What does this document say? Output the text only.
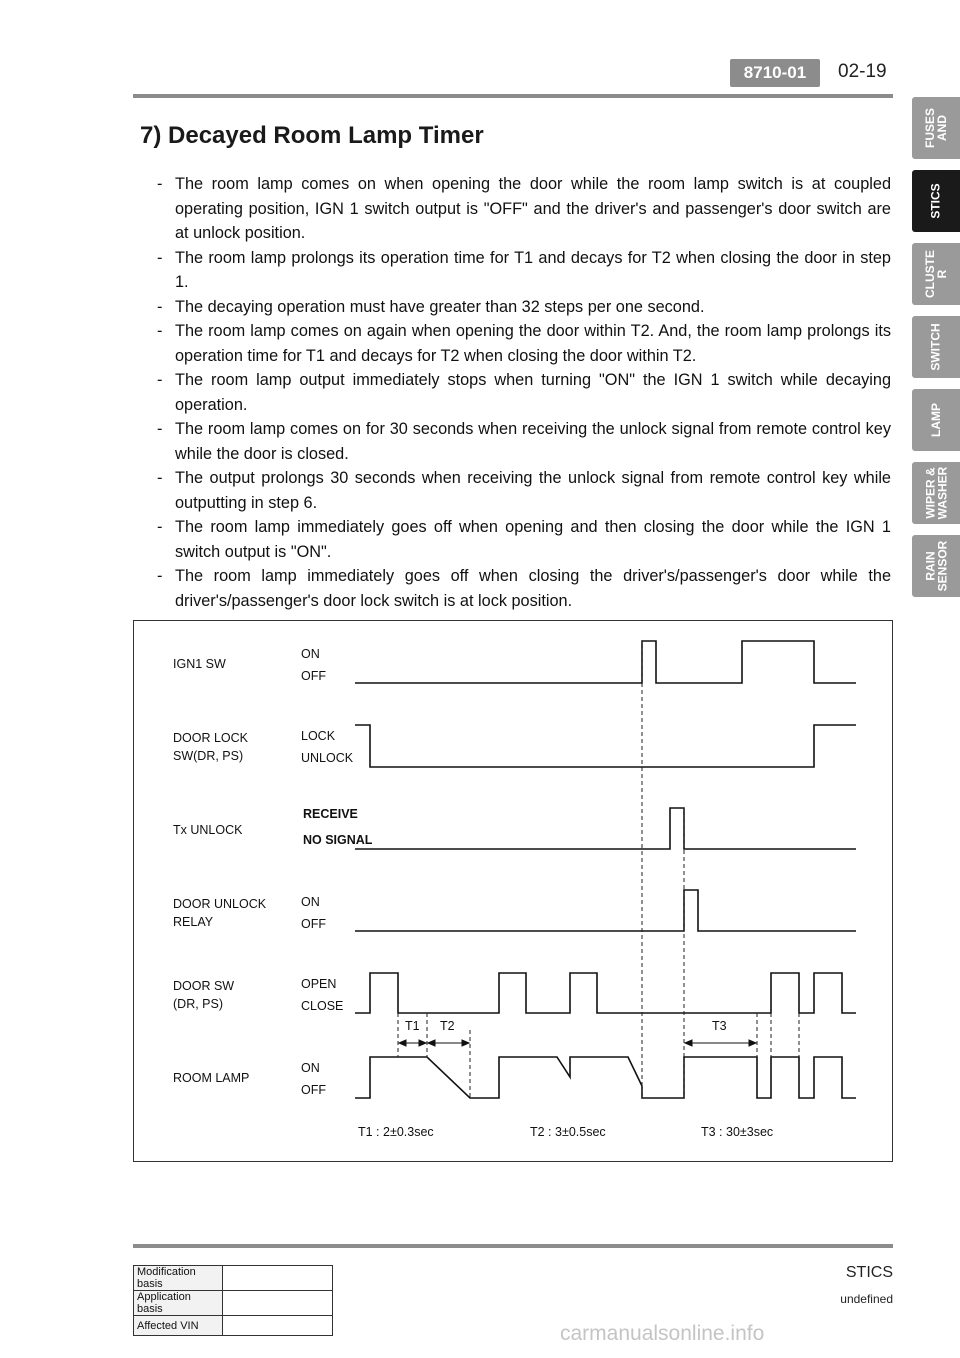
8710-01	02-19
FUSES
AND
STICS
CLUSTE
R
SWITCH
LAMP
WIPER &
WASHER
RAIN
SENSOR
7) Decayed Room Lamp Timer
- The room lamp comes on when opening the door while the room lamp switch is at coupled operating position, IGN 1 switch output is "OFF" and the driver's and passenger's door switch are at unlock position.
- The room lamp prolongs its operation time for T1 and decays for T2 when closing the door in step 1.
- The decaying operation must have greater than 32 steps per one second.
- The room lamp comes on again when opening the door within T2. And, the room lamp prolongs its operation time for T1 and decays for T2 when closing the door within T2.
- The room lamp output immediately stops when turning "ON" the IGN 1 switch while decaying operation.
- The room lamp comes on for 30 seconds when receiving the unlock signal from remote control key while the door is closed.
- The output prolongs 30 seconds when receiving the unlock signal from remote control key while outputting in step 6.
- The room lamp immediately goes off when opening and then closing the door while the IGN 1 switch output is "ON".
- The room lamp immediately goes off when closing the driver's/passenger's door while the driver's/passenger's door lock switch is at lock position.
IGN1 SW
DOOR LOCK
SW(DR, PS)
Tx UNLOCK
DOOR UNLOCK
RELAY
DOOR SW
(DR, PS)
ROOM LAMP
ON
OFF
LOCK
UNLOCK
RECEIVE
NO SIGNAL
ON
OFF
OPEN
CLOSE
ON
OFF
T1 T2	T3
T1 : 2±0.3sec	T2 : 3±0.5sec	T3 : 30±3sec
Modification basis	
Application basis	
Affected VIN	
STICS
undefined
carmanualsonline.info
